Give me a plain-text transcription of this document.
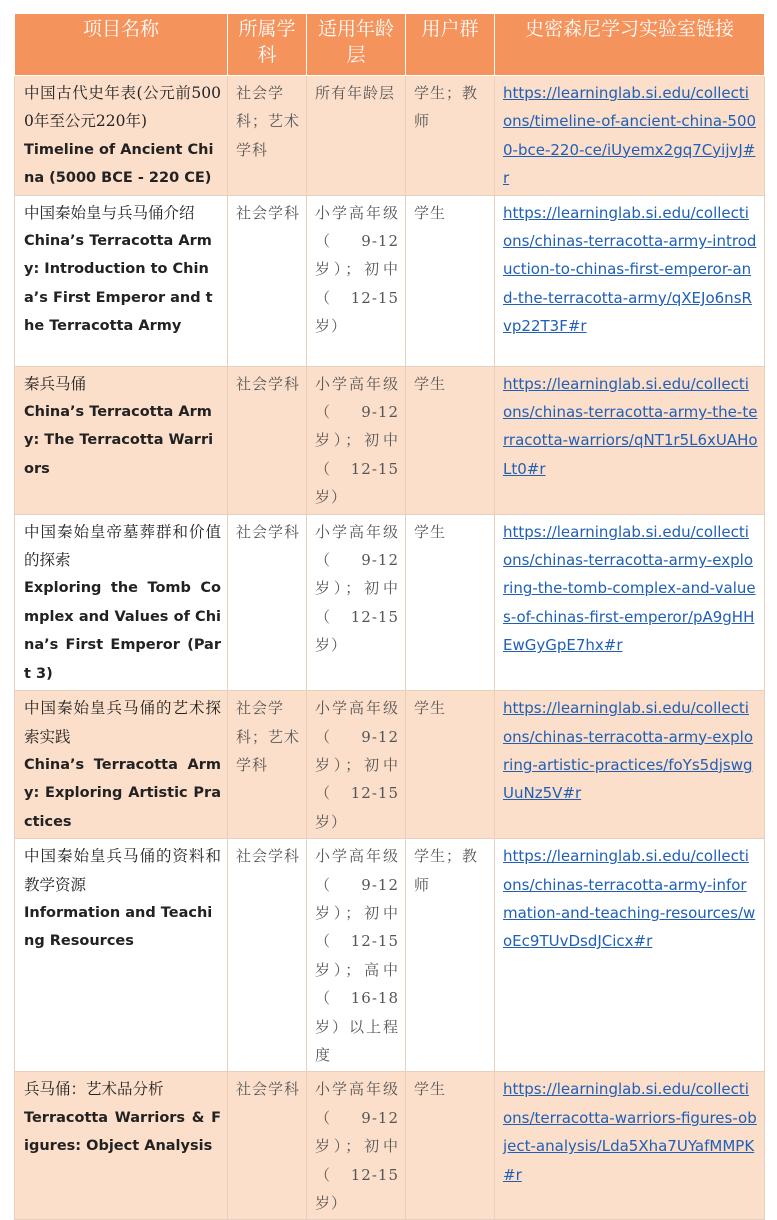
项目名称	所属学科	适用年龄层	用户群	史密森尼学习实验室链接

中国古代史年表(公元前5000年至公元220年)
Timeline of Ancient China (5000 BCE - 220 CE)	社会学科；艺术学科	所有年龄层	学生；教师	https://learninglab.si.edu/collections/timeline-of-ancient-china-5000-bce-220-ce/iUyemx2gq7CyijvJ#r

中国秦始皇与兵马俑介绍
China’s Terracotta Army: Introduction to China’s First Emperor and the Terracotta Army	社会学科	小学高年级（9-12岁）；初中（12-15岁）	学生	https://learninglab.si.edu/collections/chinas-terracotta-army-introduction-to-chinas-first-emperor-and-the-terracotta-army/qXEJo6nsRvp22T3F#r

秦兵马俑
China’s Terracotta Army: The Terracotta Warriors	社会学科	小学高年级（9-12岁）；初中（12-15岁）	学生	https://learninglab.si.edu/collections/chinas-terracotta-army-the-terracotta-warriors/qNT1r5L6xUAHoLt0#r

中国秦始皇帝墓葬群和价值的探索
Exploring the Tomb Complex and Values of China’s First Emperor (Part 3)	社会学科	小学高年级（9-12岁）；初中（12-15岁）	学生	https://learninglab.si.edu/collections/chinas-terracotta-army-exploring-the-tomb-complex-and-values-of-chinas-first-emperor/pA9gHHEwGyGpE7hx#r

中国秦始皇兵马俑的艺术探索实践
China’s Terracotta Army: Exploring Artistic Practices	社会学科；艺术学科	小学高年级（9-12岁）；初中（12-15岁）	学生	https://learninglab.si.edu/collections/chinas-terracotta-army-exploring-artistic-practices/foYs5djswgUuNz5V#r

中国秦始皇兵马俑的资料和教学资源
Information and Teaching Resources	社会学科	小学高年级（9-12岁）；初中（12-15岁）；高中（16-18岁）以上程度	学生；教师	https://learninglab.si.edu/collections/chinas-terracotta-army-information-and-teaching-resources/woEc9TUvDsdJCicx#r

兵马俑：艺术品分析
Terracotta Warriors & Figures: Object Analysis	社会学科	小学高年级（9-12岁）；初中（12-15岁）	学生	https://learninglab.si.edu/collections/terracotta-warriors-figures-object-analysis/Lda5Xha7UYafMMPK#r
